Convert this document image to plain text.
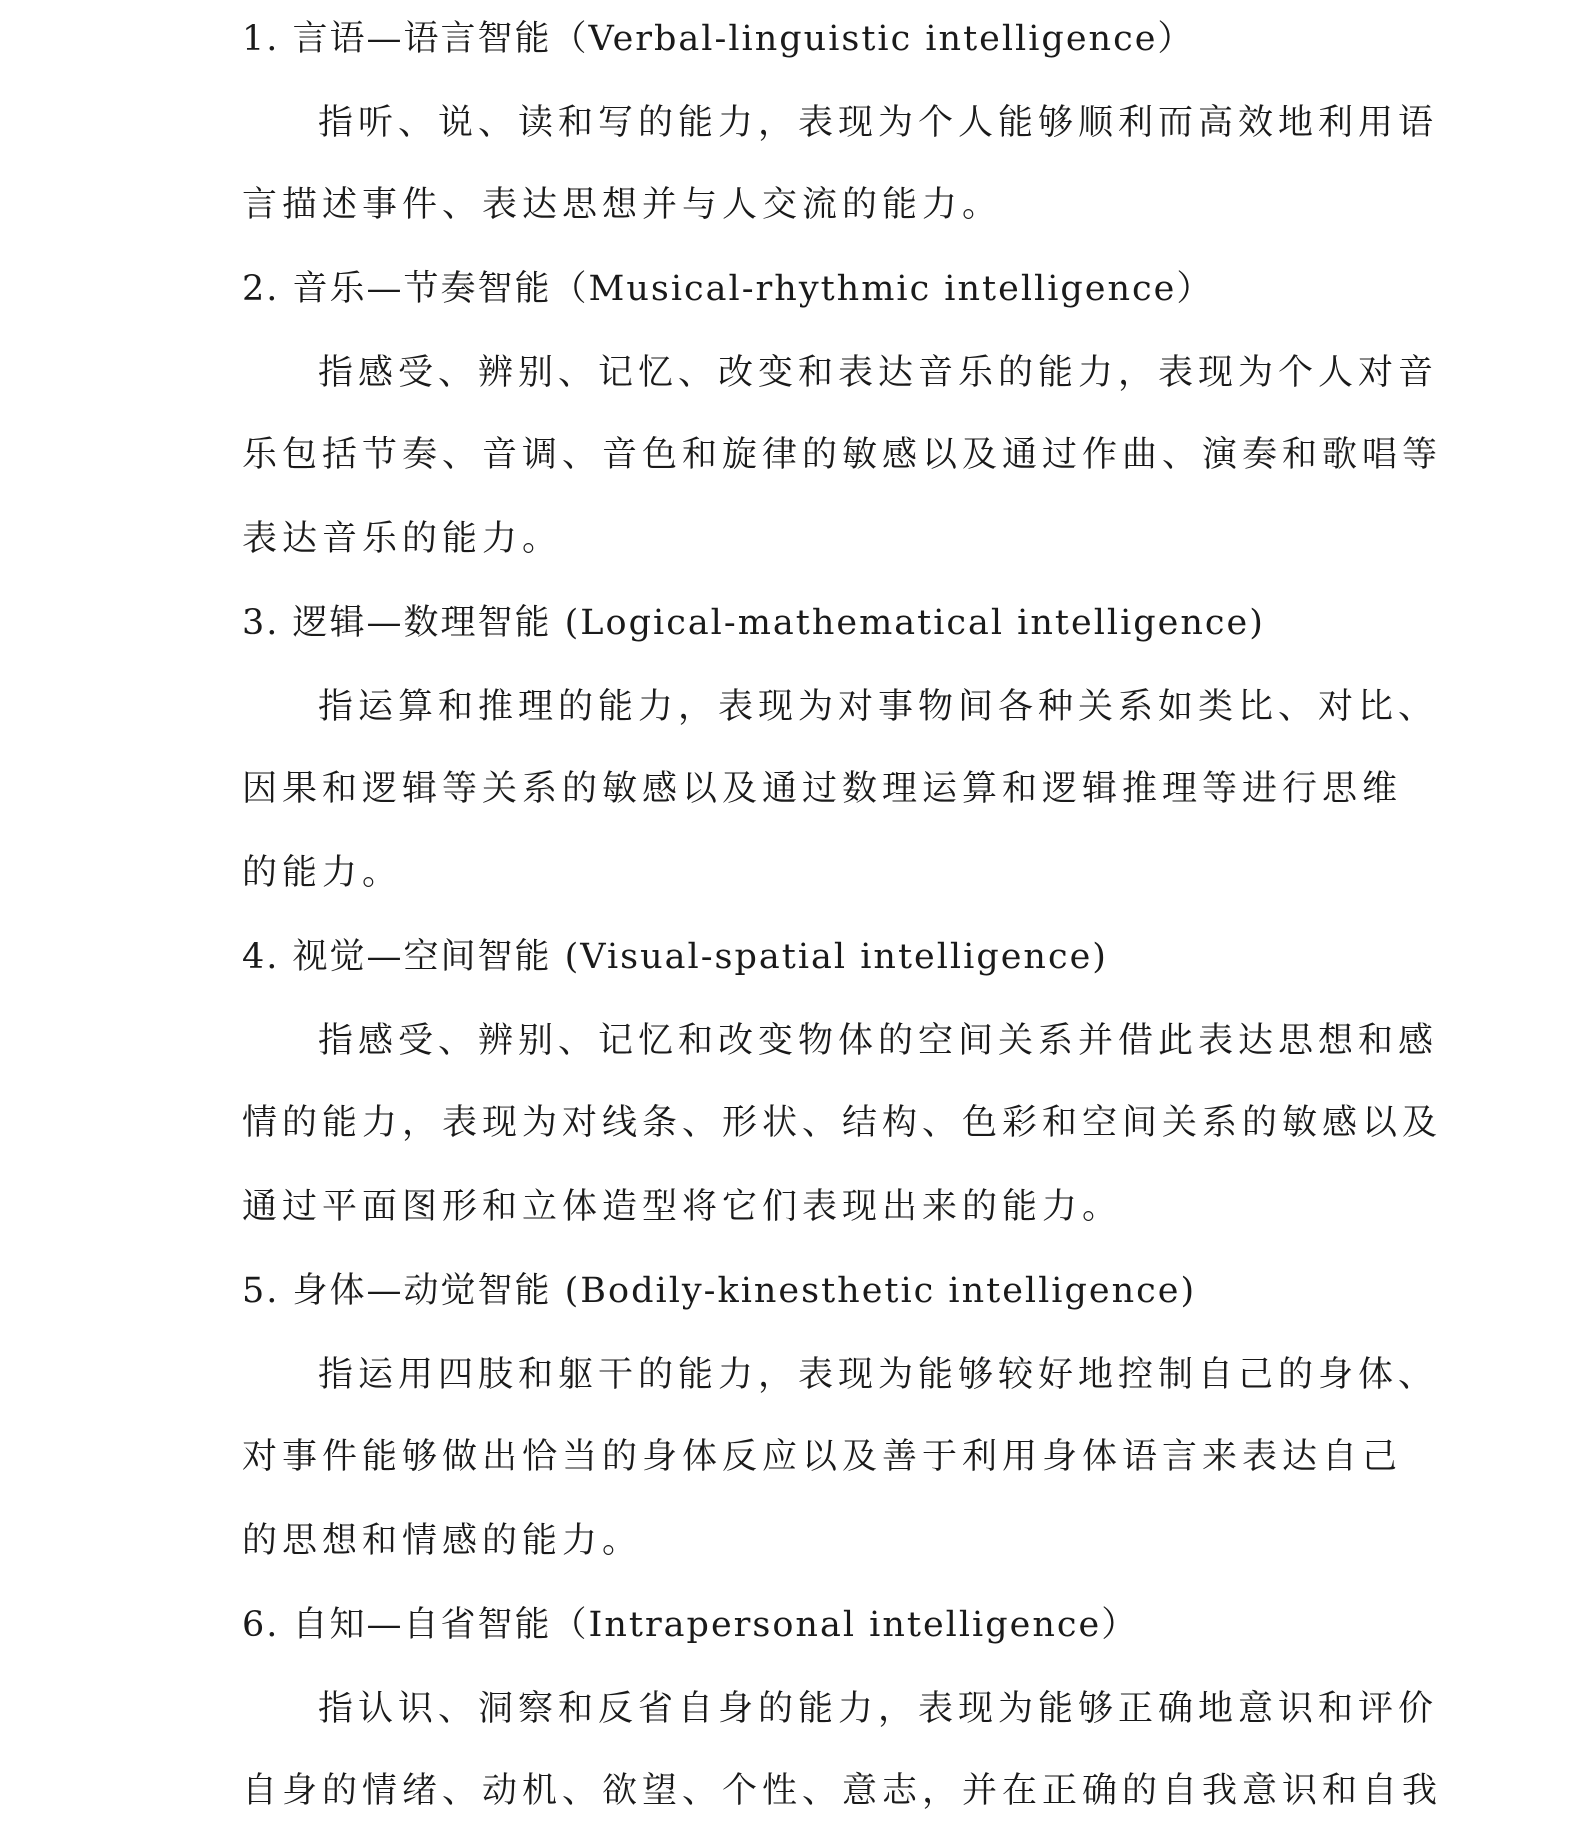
1. 言语—语言智能（Verbal-linguistic intelligence）
指听、说、读和写的能力，表现为个人能够顺利而高效地利用语
言描述事件、表达思想并与人交流的能力。
2. 音乐—节奏智能（Musical-rhythmic intelligence）
指感受、辨别、记忆、改变和表达音乐的能力，表现为个人对音
乐包括节奏、音调、音色和旋律的敏感以及通过作曲、演奏和歌唱等
表达音乐的能力。
3. 逻辑—数理智能 (Logical-mathematical intelligence)
指运算和推理的能力，表现为对事物间各种关系如类比、对比、
因果和逻辑等关系的敏感以及通过数理运算和逻辑推理等进行思维
的能力。
4. 视觉—空间智能 (Visual-spatial intelligence)
指感受、辨别、记忆和改变物体的空间关系并借此表达思想和感
情的能力，表现为对线条、形状、结构、色彩和空间关系的敏感以及
通过平面图形和立体造型将它们表现出来的能力。
5. 身体—动觉智能 (Bodily-kinesthetic intelligence)
指运用四肢和躯干的能力，表现为能够较好地控制自己的身体、
对事件能够做出恰当的身体反应以及善于利用身体语言来表达自己
的思想和情感的能力。
6. 自知—自省智能（Intrapersonal intelligence）
指认识、洞察和反省自身的能力，表现为能够正确地意识和评价
自身的情绪、动机、欲望、个性、意志，并在正确的自我意识和自我
